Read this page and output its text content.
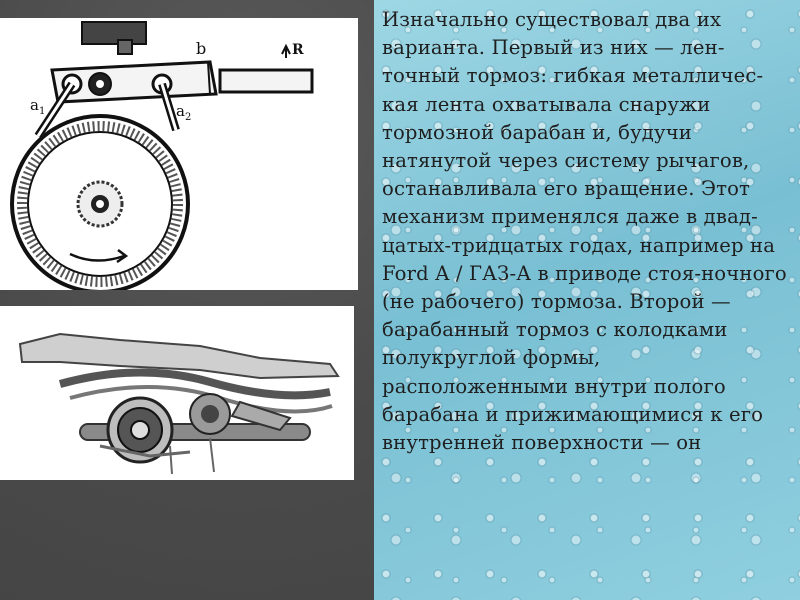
b	R
a 1	a 2

Изначально существовал два их варианта. Первый из них — лен-точный тормоз: гибкая металличес-кая лента охватывала снаружи тормозной барабан и, будучи натянутой через систему рычагов, останавливала его вращение. Этот механизм применялся даже в двад-цатых-тридцатых годах, например на Ford A / ГАЗ-А в приводе стоя-ночного (не рабочего) тормоза. Второй — барабанный тормоз с колодками полукруглой формы, расположенными внутри полого барабана и прижимающимися к его внутренней поверхности — он
